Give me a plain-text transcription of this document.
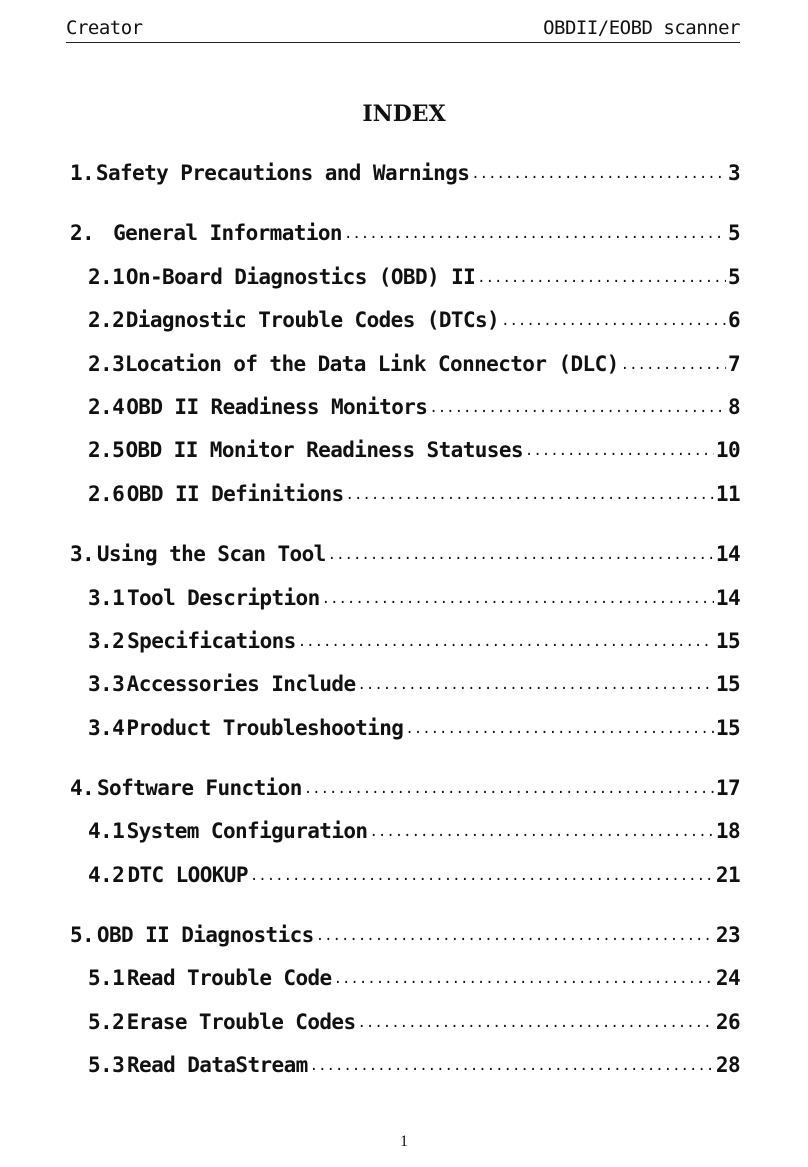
Creator	OBDII/EOBD scanner
INDEX
1. Safety Precautions and Warnings .....	3
2. General Information .....	5
2.1 On-Board Diagnostics (OBD) II .....	5
2.2 Diagnostic Trouble Codes (DTCs) .....	6
2.3 Location of the Data Link Connector (DLC) .....	7
2.4 OBD II Readiness Monitors .....	8
2.5 OBD II Monitor Readiness Statuses .....	10
2.6 OBD II Definitions .....	11
3. Using the Scan Tool .....	14
3.1 Tool Description .....	14
3.2 Specifications .....	15
3.3 Accessories Include .....	15
3.4 Product Troubleshooting .....	15
4. Software Function .....	17
4.1 System Configuration .....	18
4.2 DTC LOOKUP .....	21
5. OBD II Diagnostics .....	23
5.1 Read Trouble Code .....	24
5.2 Erase Trouble Codes .....	26
5.3 Read DataStream .....	28
1
